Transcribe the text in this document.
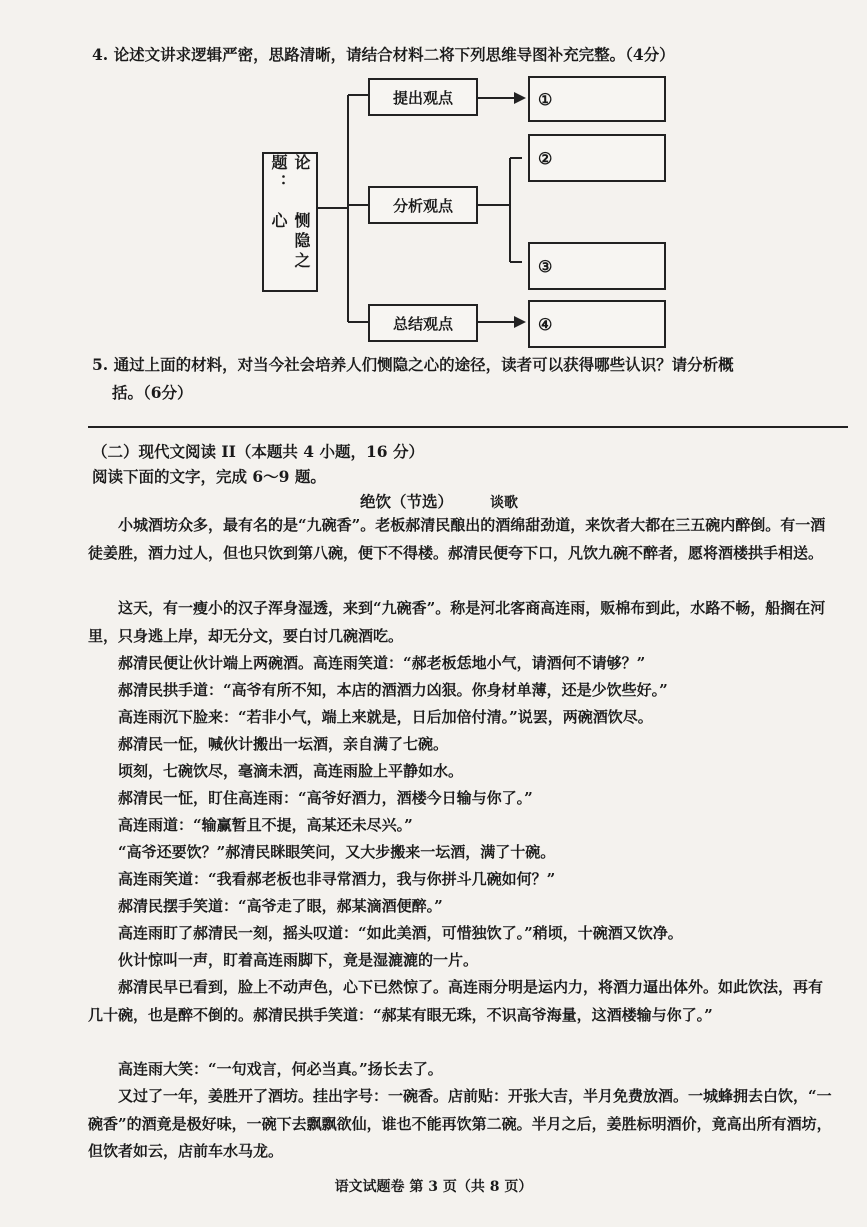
4. 论述文讲求逻辑严密，思路清晰，请结合材料二将下列思维导图补充完整。（4分）
论题：
恻隐之心
提出观点
分析观点
总结观点
①
②
③
④
5. 通过上面的材料，对当今社会培养人们恻隐之心的途径，读者可以获得哪些认识？请分析概
括。（6分）
（二）现代文阅读 II（本题共 4 小题，16 分）
阅读下面的文字，完成 6～9 题。
绝饮（节选）	谈歌
小城酒坊众多，最有名的是“九碗香”。老板郝清民酿出的酒绵甜劲道，来饮者大都在三五碗内醉倒。有一酒徒姜胜，酒力过人，但也只饮到第八碗，便下不得楼。郝清民便夸下口，凡饮九碗不醉者，愿将酒楼拱手相送。
这天，有一瘦小的汉子浑身湿透，来到“九碗香”。称是河北客商高连雨，贩棉布到此，水路不畅，船搁在河里，只身逃上岸，却无分文，要白讨几碗酒吃。
郝清民便让伙计端上两碗酒。高连雨笑道：“郝老板恁地小气，请酒何不请够？”
郝清民拱手道：“高爷有所不知，本店的酒酒力凶狠。你身材单薄，还是少饮些好。”
高连雨沉下脸来：“若非小气，端上来就是，日后加倍付清。”说罢，两碗酒饮尽。
郝清民一怔，喊伙计搬出一坛酒，亲自满了七碗。
顷刻，七碗饮尽，毫滴未洒，高连雨脸上平静如水。
郝清民一怔，盯住高连雨：“高爷好酒力，酒楼今日输与你了。”
高连雨道：“输赢暂且不提，高某还未尽兴。”
“高爷还要饮？”郝清民眯眼笑问，又大步搬来一坛酒，满了十碗。
高连雨笑道：“我看郝老板也非寻常酒力，我与你拼斗几碗如何？”
郝清民摆手笑道：“高爷走了眼，郝某滴酒便醉。”
高连雨盯了郝清民一刻，摇头叹道：“如此美酒，可惜独饮了。”稍顷，十碗酒又饮净。
伙计惊叫一声，盯着高连雨脚下，竟是湿漉漉的一片。
郝清民早已看到，脸上不动声色，心下已然惊了。高连雨分明是运内力，将酒力逼出体外。如此饮法，再有几十碗，也是醉不倒的。郝清民拱手笑道：“郝某有眼无珠，不识高爷海量，这酒楼输与你了。”
高连雨大笑：“一句戏言，何必当真。”扬长去了。
又过了一年，姜胜开了酒坊。挂出字号：一碗香。店前贴：开张大吉，半月免费放酒。一城蜂拥去白饮，“一碗香”的酒竟是极好味，一碗下去飘飘欲仙，谁也不能再饮第二碗。半月之后，姜胜标明酒价，竟高出所有酒坊，但饮者如云，店前车水马龙。
语文试题卷 第 3 页（共 8 页）
